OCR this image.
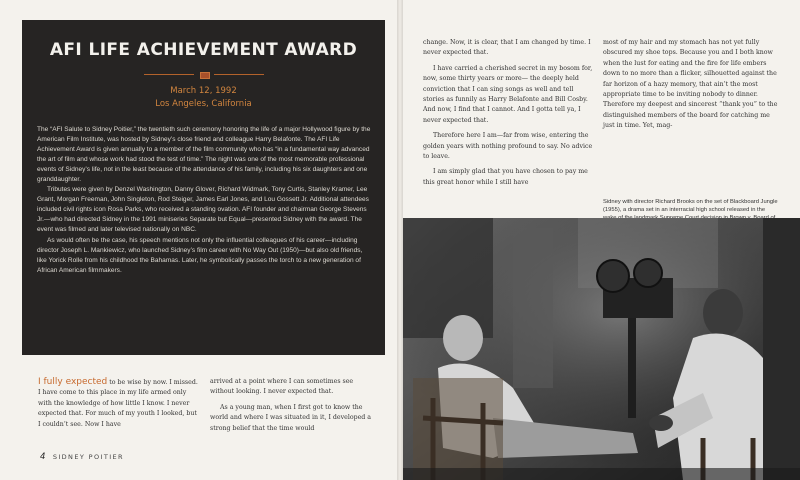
AFI LIFE ACHIEVEMENT AWARD
March 12, 1992
Los Angeles, California

The “AFI Salute to Sidney Poitier,” the twentieth such ceremony honoring the life of a major Hollywood figure by the American Film Institute, was hosted by Sidney’s close friend and colleague Harry Belafonte. The AFI Life Achievement Award is given annually to a member of the film community who has “in a fundamental way advanced the art of film and whose work had stood the test of time.” The night was one of the most memorable professional events of Sidney’s life, not in the least because of the attendance of his family, including his six daughters and one granddaughter.

Tributes were given by Denzel Washington, Danny Glover, Richard Widmark, Tony Curtis, Stanley Kramer, Lee Grant, Morgan Freeman, John Singleton, Rod Steiger, James Earl Jones, and Lou Gossett Jr. Additional attendees included civil rights icon Rosa Parks, who received a standing ovation. AFI founder and chairman George Stevens Jr.—who had directed Sidney in the 1991 miniseries Separate but Equal—presented Sidney with the award. The event was filmed and later televised nationally on NBC.

As would often be the case, his speech mentions not only the influential colleagues of his career—including director Joseph L. Mankiewicz, who launched Sidney’s film career with No Way Out (1950)—but also old friends, like Yorick Rolle from his childhood the Bahamas. Later, he symbolically passes the torch to a new generation of African American filmmakers.

I fully expected to be wise by now. I missed. I have come to this place in my life armed only with the knowledge of how little I know. I never expected that. For much of my youth I looked, but I couldn’t see. Now I have

arrived at a point where I can sometimes see without looking. I never expected that.

As a young man, when I first got to know the world and where I was situated in it, I developed a strong belief that the time would

4 SIDNEY POITIER

change. Now, it is clear, that I am changed by time. I never expected that.

I have carried a cherished secret in my bosom for, now, some thirty years or more— the deeply held conviction that I can sing songs as well and tell stories as funnily as Harry Belafonte and Bill Cosby. And now, I find that I cannot. And I gotta tell ya, I never expected that.

Therefore here I am—far from wise, entering the golden years with nothing profound to say. No advice to leave.

I am simply glad that you have chosen to pay me this great honor while I still have

most of my hair and my stomach has not yet fully obscured my shoe tops. Because you and I both know when the lust for eating and the fire for life embers down to no more than a flicker, silhouetted against the far horizon of a hazy memory, that ain’t the most appropriate time to be inviting nobody to dinner. Therefore my deepest and sincerest “thank you” to the distinguished members of the board for catching me just in time. Yet, mag-

Sidney with director Richard Brooks on the set of Blackboard Jungle (1955), a drama set in an interracial high school released in the
